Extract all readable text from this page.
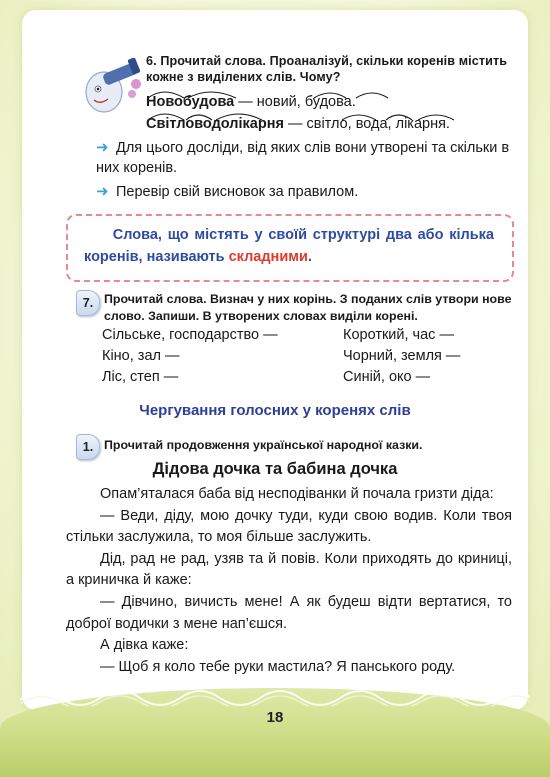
6. Прочитай слова. Проаналізуй, скільки коренів містить кожне з виділених слів. Чому?
Новобудова — новий, будова.
Світловодолікарня — світло, вода, лікарня.
➜ Для цього досліди, від яких слів вони утворені та скільки в них коренів.
➜ Перевір свій висновок за правилом.
Слова, що містять у своїй структурі два або кілька коренів, називають складними.
7. Прочитай слова. Визнач у них корінь. З поданих слів утвори нове слово. Запиши. В утворених словах виділи корені.
Сільське, господарство —
Кіно, зал —
Ліс, степ —
Короткий, час —
Чорний, земля —
Синій, око —
Чергування голосних у коренях слів
1. Прочитай продовження української народної казки.
Дідова дочка та бабина дочка

Опам’яталася баба від несподіванки й почала гризти діда:

— Веди, діду, мою дочку туди, куди свою водив. Коли твоя стільки заслужила, то моя більше заслужить.

Дід, рад не рад, узяв та й повів. Коли приходять до криниці, а криничка й каже:

— Дівчино, вичисть мене! А як будеш відти вертатися, то доброї водички з мене нап’єшся.

А дівка каже:

— Щоб я коло тебе руки мастила? Я панського роду.

18
